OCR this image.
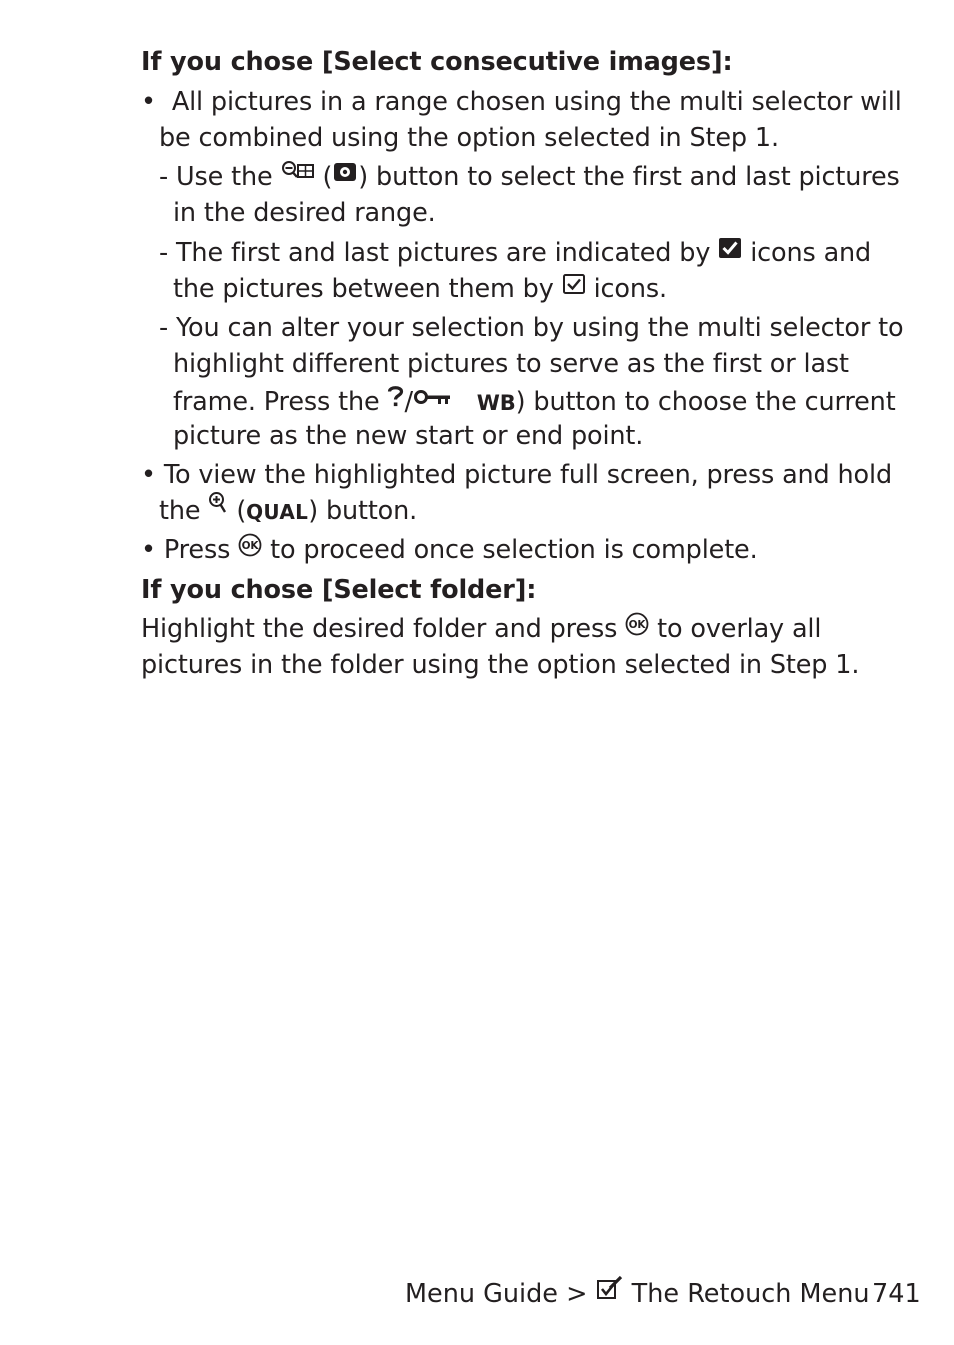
If you chose [Select consecutive images]:
•  All pictures in a range chosen using the multi selector will
be combined using the option selected in Step 1.
- Use the  ( ) button to select the first and last pictures
in the desired range.
- The first and last pictures are indicated by  icons and
the pictures between them by  icons.
- You can alter your selection by using the multi selector to
highlight different pictures to serve as the first or last
frame. Press the /	WB) button to choose the current
picture as the new start or end point.
• To view the highlighted picture full screen, press and hold
the  (QUAL) button.
• Press OK to proceed once selection is complete.
If you chose [Select folder]:
Highlight the desired folder and press OK to overlay all
pictures in the folder using the option selected in Step 1.
Menu Guide >  The Retouch Menu 741
